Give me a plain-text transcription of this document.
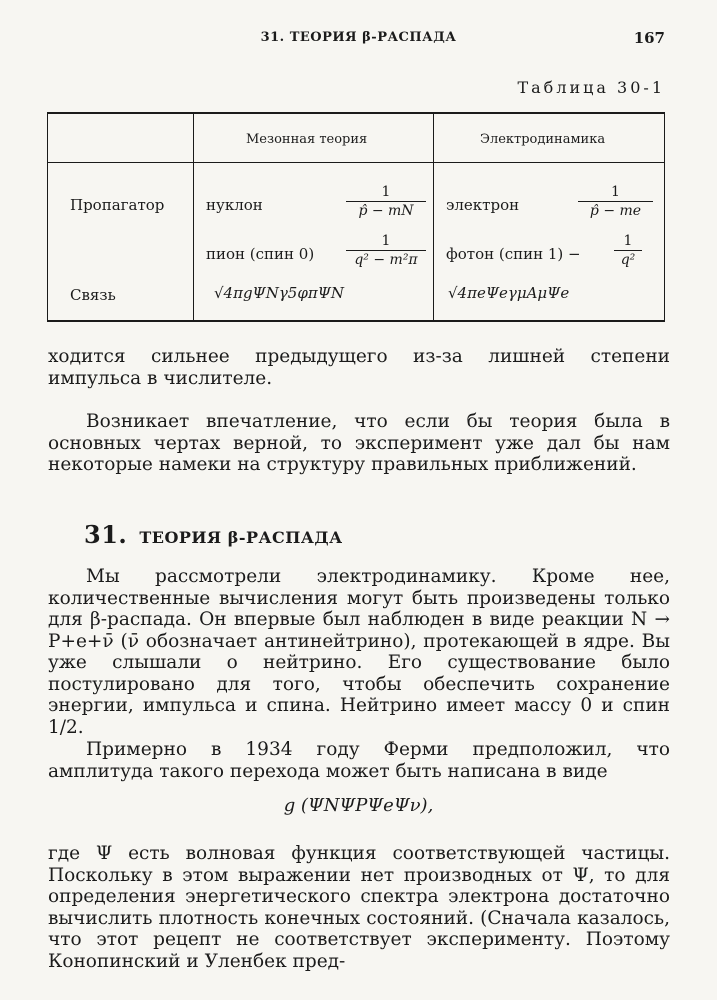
31. ТЕОРИЯ β-РАСПАДА	167
Таблица 30-1
Мезонная теория	Электродинамика
Пропагатор
Связь
нуклон
1
p̂ − mN
пион (спин 0)
1
q² − m²π
√4πgΨNγ5φπΨN
электрон
1
p̂ − me
фотон (спин 1) −
1
q²
√4πeΨeγμAμΨe

ходится сильнее предыдущего из-за лишней степени импульса в числителе.

Возникает впечатление, что если бы теория была в основных чертах верной, то эксперимент уже дал бы нам некоторые намеки на структуру правильных приближений.

31. ТЕОРИЯ β-РАСПАДА

Мы рассмотрели электродинамику. Кроме нее, количественные вычисления могут быть произведены только для β-распада. Он впервые был наблюден в виде реакции N → P+e+ν̄ (ν̄ обозначает антинейтрино), протекающей в ядре. Вы уже слышали о нейтрино. Его существование было постулировано для того, чтобы обеспечить сохранение энергии, импульса и спина. Нейтрино имеет массу 0 и спин 1/2.

Примерно в 1934 году Ферми предположил, что амплитуда такого перехода может быть написана в виде

g (ΨNΨPΨeΨν),

где Ψ есть волновая функция соответствующей частицы. Поскольку в этом выражении нет производных от Ψ, то для определения энергетического спектра электрона достаточно вычислить плотность конечных состояний. (Сначала казалось, что этот рецепт не соответствует эксперименту. Поэтому Конопинский и Уленбек пред-
